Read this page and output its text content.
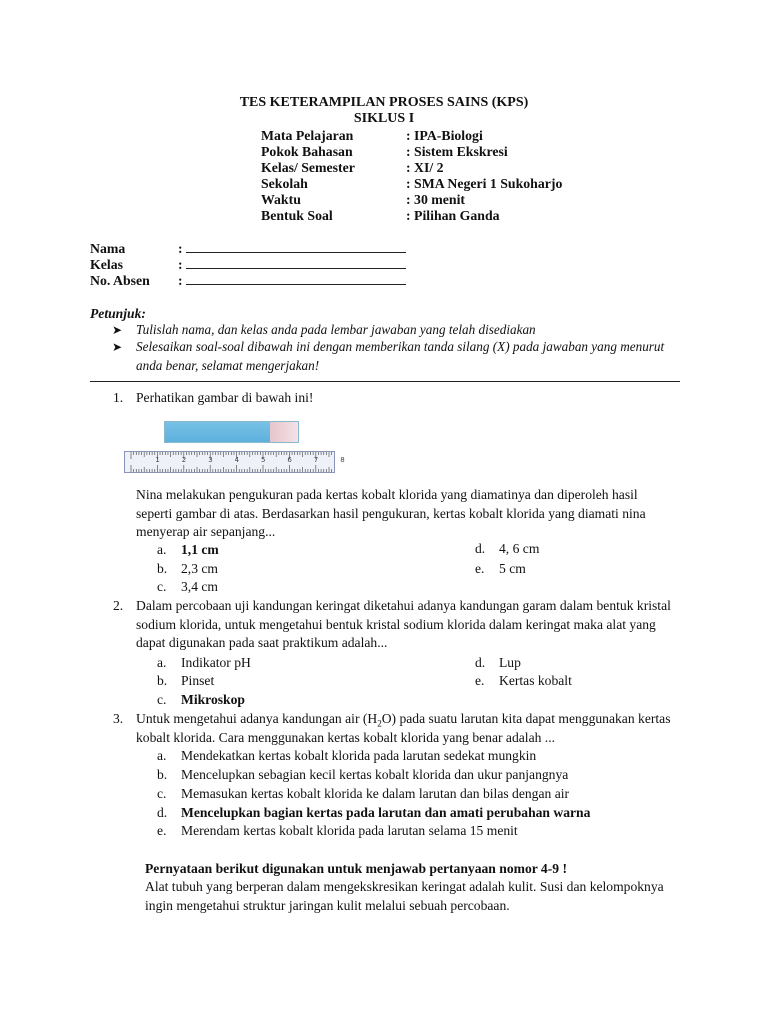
TES KETERAMPILAN PROSES SAINS (KPS)
SIKLUS I
Mata Pelajaran	: IPA-Biologi
Pokok Bahasan	: Sistem Ekskresi
Kelas/ Semester	: XI/ 2
Sekolah	: SMA Negeri 1 Sukoharjo
Waktu	: 30 menit
Bentuk Soal	: Pilihan Ganda
Nama	:
Kelas	:
No. Absen :
Petunjuk:
➤ Tulislah nama, dan kelas anda pada lembar jawaban yang telah disediakan
➤ Selesaikan soal-soal dibawah ini dengan memberikan tanda silang (X) pada jawaban yang menurut anda benar, selamat mengerjakan!
1. Perhatikan gambar di bawah ini!
1	2	3	4	5	6	7	8
Nina melakukan pengukuran pada kertas kobalt klorida yang diamatinya dan diperoleh hasil seperti gambar di atas. Berdasarkan hasil pengukuran, kertas kobalt klorida yang diamati nina menyerap air sepanjang...
a. 1,1 cm
b. 2,3 cm
c. 3,4 cm
d. 4, 6 cm
e. 5 cm
2. Dalam percobaan uji kandungan keringat diketahui adanya kandungan garam dalam bentuk kristal sodium klorida, untuk mengetahui bentuk kristal sodium klorida dalam keringat maka alat yang dapat digunakan pada saat praktikum adalah...
a. Indikator pH
b. Pinset
c. Mikroskop
d. Lup
e. Kertas kobalt
3. Untuk mengetahui adanya kandungan air $(H_2O)$ pada suatu larutan kita dapat menggunakan kertas kobalt klorida. Cara menggunakan kertas kobalt klorida yang benar adalah ...
a. Mendekatkan kertas kobalt klorida pada larutan sedekat mungkin
b. Mencelupkan sebagian kecil kertas kobalt klorida dan ukur panjangnya
c. Memasukan kertas kobalt klorida ke dalam larutan dan bilas dengan air
d. Mencelupkan bagian kertas pada larutan dan amati perubahan warna
e. Merendam kertas kobalt klorida pada larutan selama 15 menit
Pernyataan berikut digunakan untuk menjawab pertanyaan nomor 4-9 !
Alat tubuh yang berperan dalam mengekskresikan keringat adalah kulit. Susi dan kelompoknya ingin mengetahui struktur jaringan kulit melalui sebuah percobaan.
